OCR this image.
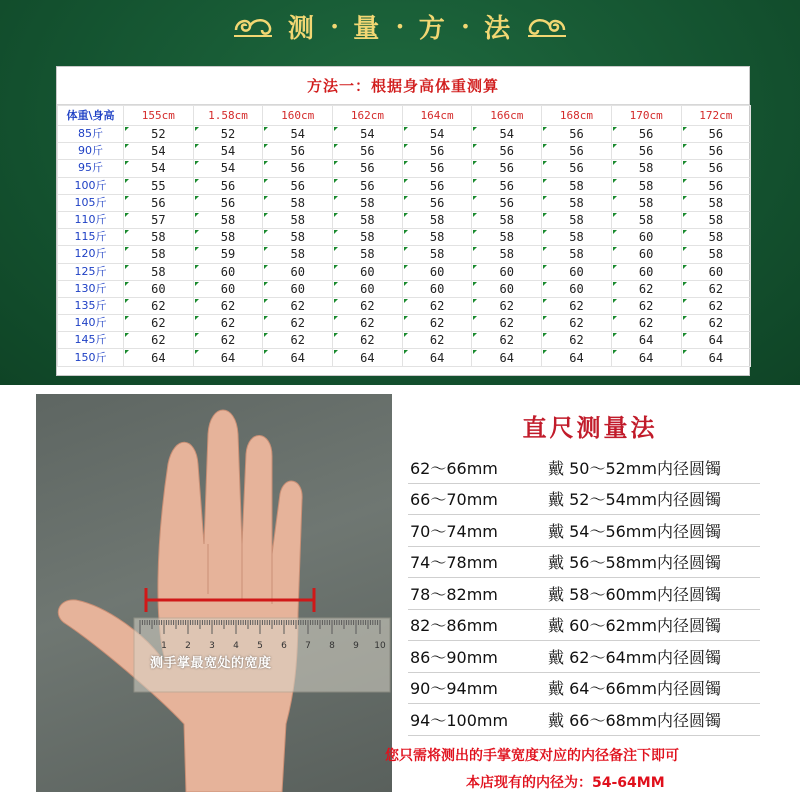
测 • 量 • 方 • 法
方法一：根据身高体重测算
体重\身高	155cm	1.58cm	160cm	162cm	164cm	166cm	168cm	170cm	172cm
85斤	52	52	54	54	54	54	56	56	56
90斤	54	54	56	56	56	56	56	56	56
95斤	54	54	56	56	56	56	56	58	56
100斤	55	56	56	56	56	56	58	58	56
105斤	56	56	58	58	56	56	58	58	58
110斤	57	58	58	58	58	58	58	58	58
115斤	58	58	58	58	58	58	58	60	58
120斤	58	59	58	58	58	58	58	60	58
125斤	58	60	60	60	60	60	60	60	60
130斤	60	60	60	60	60	60	60	62	62
135斤	62	62	62	62	62	62	62	62	62
140斤	62	62	62	62	62	62	62	62	62
145斤	62	62	62	62	62	62	62	64	64
150斤	64	64	64	64	64	64	64	64	64
1 2 3 4 5 6 7 8 9 10
测手掌最宽处的宽度
直尺测量法
62～66mm	戴 50～52mm内径圆镯
66～70mm	戴 52～54mm内径圆镯
70～74mm	戴 54～56mm内径圆镯
74～78mm	戴 56～58mm内径圆镯
78～82mm	戴 58～60mm内径圆镯
82～86mm	戴 60～62mm内径圆镯
86～90mm	戴 62～64mm内径圆镯
90～94mm	戴 64～66mm内径圆镯
94～100mm	戴 66～68mm内径圆镯
您只需将测出的手掌宽度对应的内径备注下即可
本店现有的内径为：54-64MM
